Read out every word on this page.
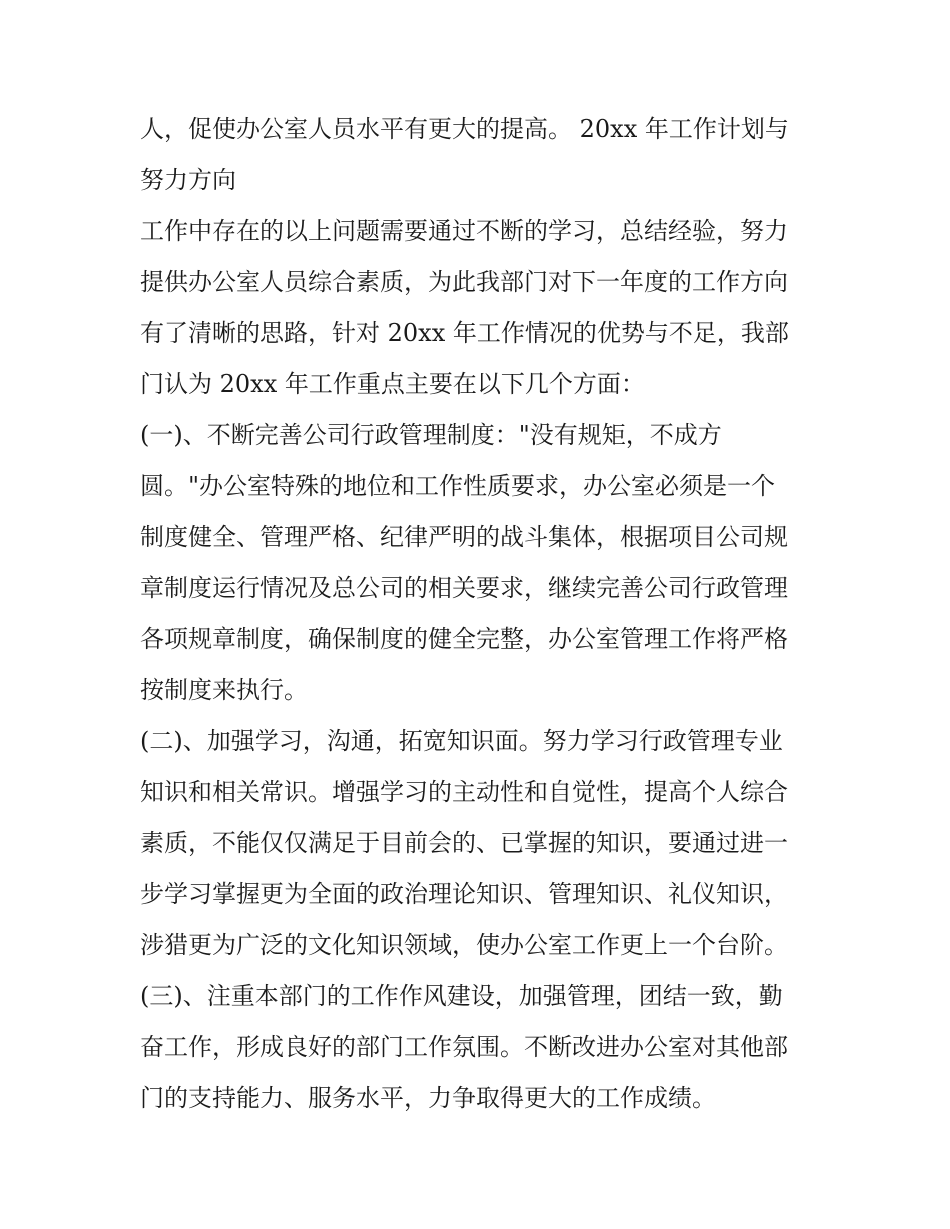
人，促使办公室人员水平有更大的提高。 20xx 年工作计划与
努力方向
工作中存在的以上问题需要通过不断的学习，总结经验，努力
提供办公室人员综合素质，为此我部门对下一年度的工作方向
有了清晰的思路，针对 20xx 年工作情况的优势与不足，我部
门认为 20xx 年工作重点主要在以下几个方面：
(一)、不断完善公司行政管理制度："没有规矩，不成方
圆。"办公室特殊的地位和工作性质要求，办公室必须是一个
制度健全、管理严格、纪律严明的战斗集体，根据项目公司规
章制度运行情况及总公司的相关要求，继续完善公司行政管理
各项规章制度，确保制度的健全完整，办公室管理工作将严格
按制度来执行。
(二)、加强学习，沟通，拓宽知识面。努力学习行政管理专业
知识和相关常识。增强学习的主动性和自觉性，提高个人综合
素质，不能仅仅满足于目前会的、已掌握的知识，要通过进一
步学习掌握更为全面的政治理论知识、管理知识、礼仪知识，
涉猎更为广泛的文化知识领域，使办公室工作更上一个台阶。
(三)、注重本部门的工作作风建设，加强管理，团结一致，勤
奋工作，形成良好的部门工作氛围。不断改进办公室对其他部
门的支持能力、服务水平，力争取得更大的工作成绩。
